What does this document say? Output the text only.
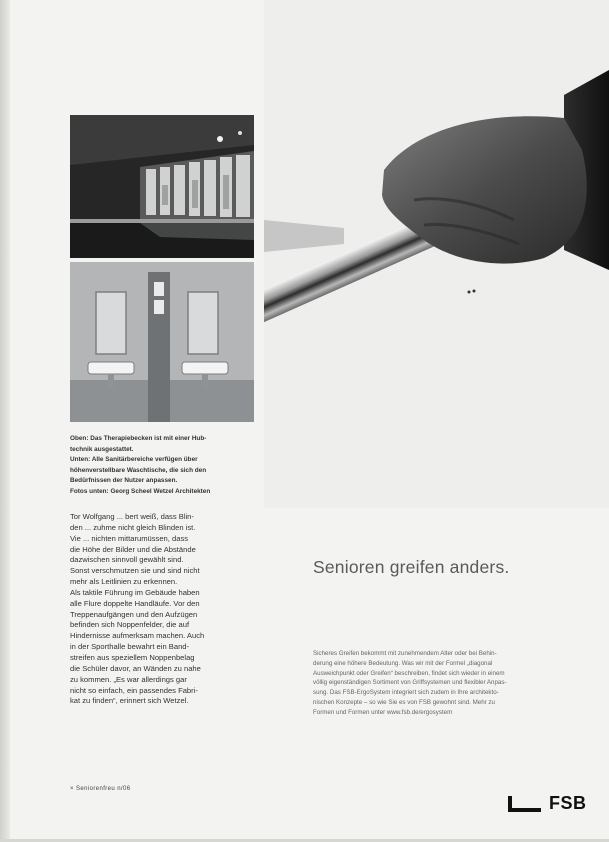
Oben: Das Therapiebecken ist mit einer Hub-

technik ausgestattet.

Unten: Alle Sanitärbereiche verfügen über

höhenverstellbare Waschtische, die sich den

Bedürfnissen der Nutzer anpassen.

Fotos unten: Georg Scheel Wetzel Architekten

Tor Wolfgang ... bert weiß, dass Blin-

den ... zuhme nicht gleich Blinden ist.

Vie ... nichten mittarumüssen, dass

die Höhe der Bilder und die Abstände

dazwischen sinnvoll gewählt sind.

Sonst verschmutzen sie und sind nicht

mehr als Leitlinien zu erkennen.

Als taktile Führung im Gebäude haben

alle Flure doppelte Handläufe. Vor den

Treppenaufgängen und den Aufzügen

befinden sich Noppenfelder, die auf

Hindernisse aufmerksam machen. Auch

in der Sporthalle bewahrt ein Band-

streifen aus speziellem Noppenbelag

die Schüler davor, an Wänden zu nahe

zu kommen. „Es war allerdings gar

nicht so einfach, ein passendes Fabri-

kat zu finden“, erinnert sich Wetzel.

× Seniorenfreu n/06
Senioren greifen anders.

Sicheres Greifen bekommt mit zunehmendem Alter oder bei Behin-

derung eine höhere Bedeutung. Was wir mit der Formel „diagonal

Ausweichpunkt oder Greifen“ beschreiben, findet sich wieder in einem

völlig eigenständigen Sortiment von Griffsystemen und flexibler Anpas-

sung. Das FSB-ErgoSystem integriert sich zudem in Ihre architekto-

nischen Konzepte – so wie Sie es von FSB gewohnt sind. Mehr zu

Formen und Formen unter www.fsb.de/ergosystem

FSB
